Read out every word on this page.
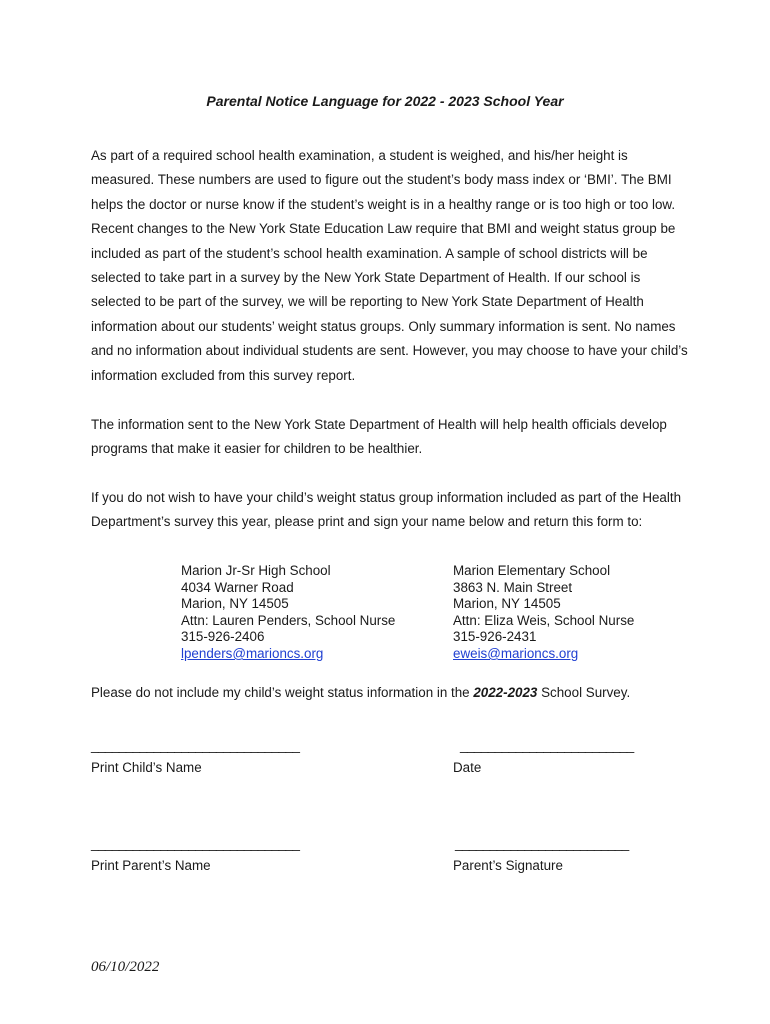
Parental Notice Language for 2022 - 2023 School Year

As part of a required school health examination, a student is weighed, and his/her height is measured. These numbers are used to figure out the student’s body mass index or ‘BMI’. The BMI helps the doctor or nurse know if the student’s weight is in a healthy range or is too high or too low. Recent changes to the New York State Education Law require that BMI and weight status group be included as part of the student’s school health examination. A sample of school districts will be selected to take part in a survey by the New York State Department of Health. If our school is selected to be part of the survey, we will be reporting to New York State Department of Health information about our students’ weight status groups. Only summary information is sent. No names and no information about individual students are sent. However, you may choose to have your child’s information excluded from this survey report.

The information sent to the New York State Department of Health will help health officials develop programs that make it easier for children to be healthier.

If you do not wish to have your child’s weight status group information included as part of the Health Department’s survey this year, please print and sign your name below and return this form to:

Marion Jr-Sr High School
4034 Warner Road
Marion, NY 14505
Attn: Lauren Penders, School Nurse
315-926-2406
lpenders@marioncs.org
Marion Elementary School
3863 N. Main Street
Marion, NY 14505
Attn: Eliza Weis, School Nurse
315-926-2431
eweis@marioncs.org
Please do not include my child’s weight status information in the 2022-2023 School Survey.
______________________________	_________________________
Print Child’s Name	Date
______________________________	_________________________
Print Parent’s Name	Parent’s Signature
06/10/2022
